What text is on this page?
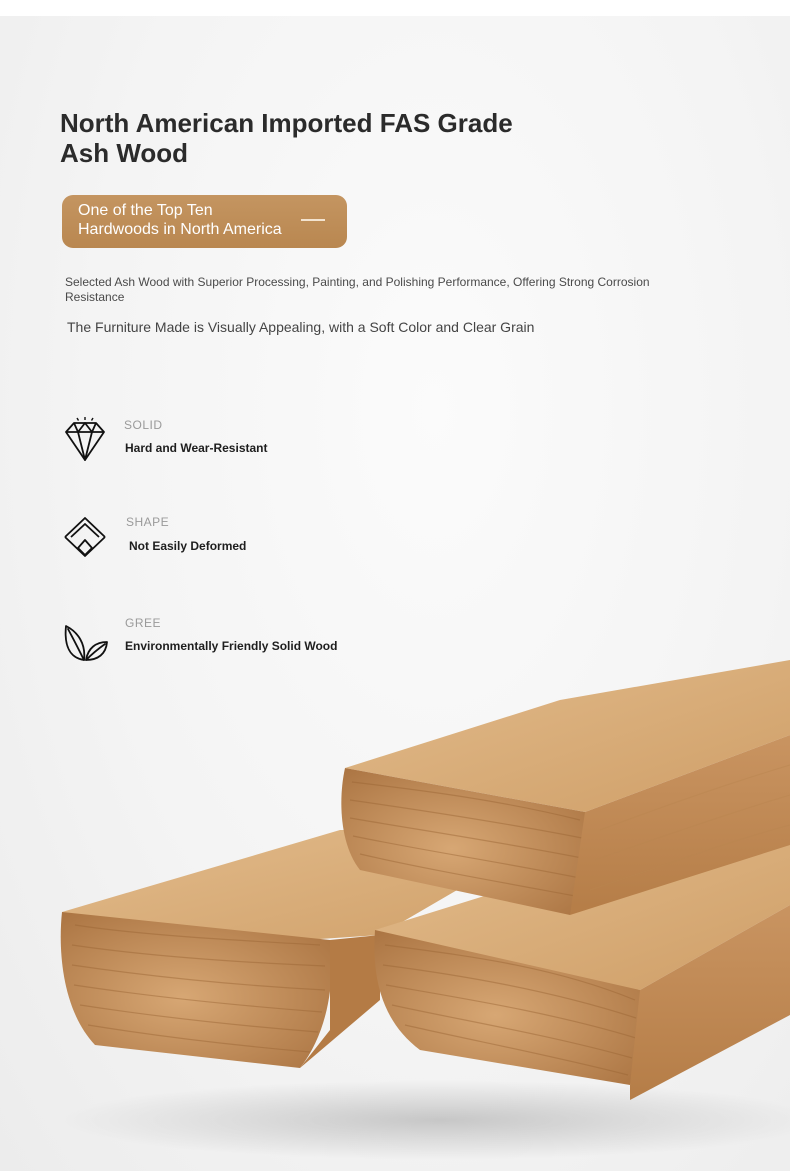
North American Imported FAS Grade
Ash Wood
One of the Top Ten
Hardwoods in North America

Selected Ash Wood with Superior Processing, Painting, and Polishing Performance, Offering Strong Corrosion Resistance

The Furniture Made is Visually Appealing, with a Soft Color and Clear Grain

SOLID
Hard and Wear-Resistant
SHAPE
Not Easily Deformed
GREE
Environmentally Friendly Solid Wood
